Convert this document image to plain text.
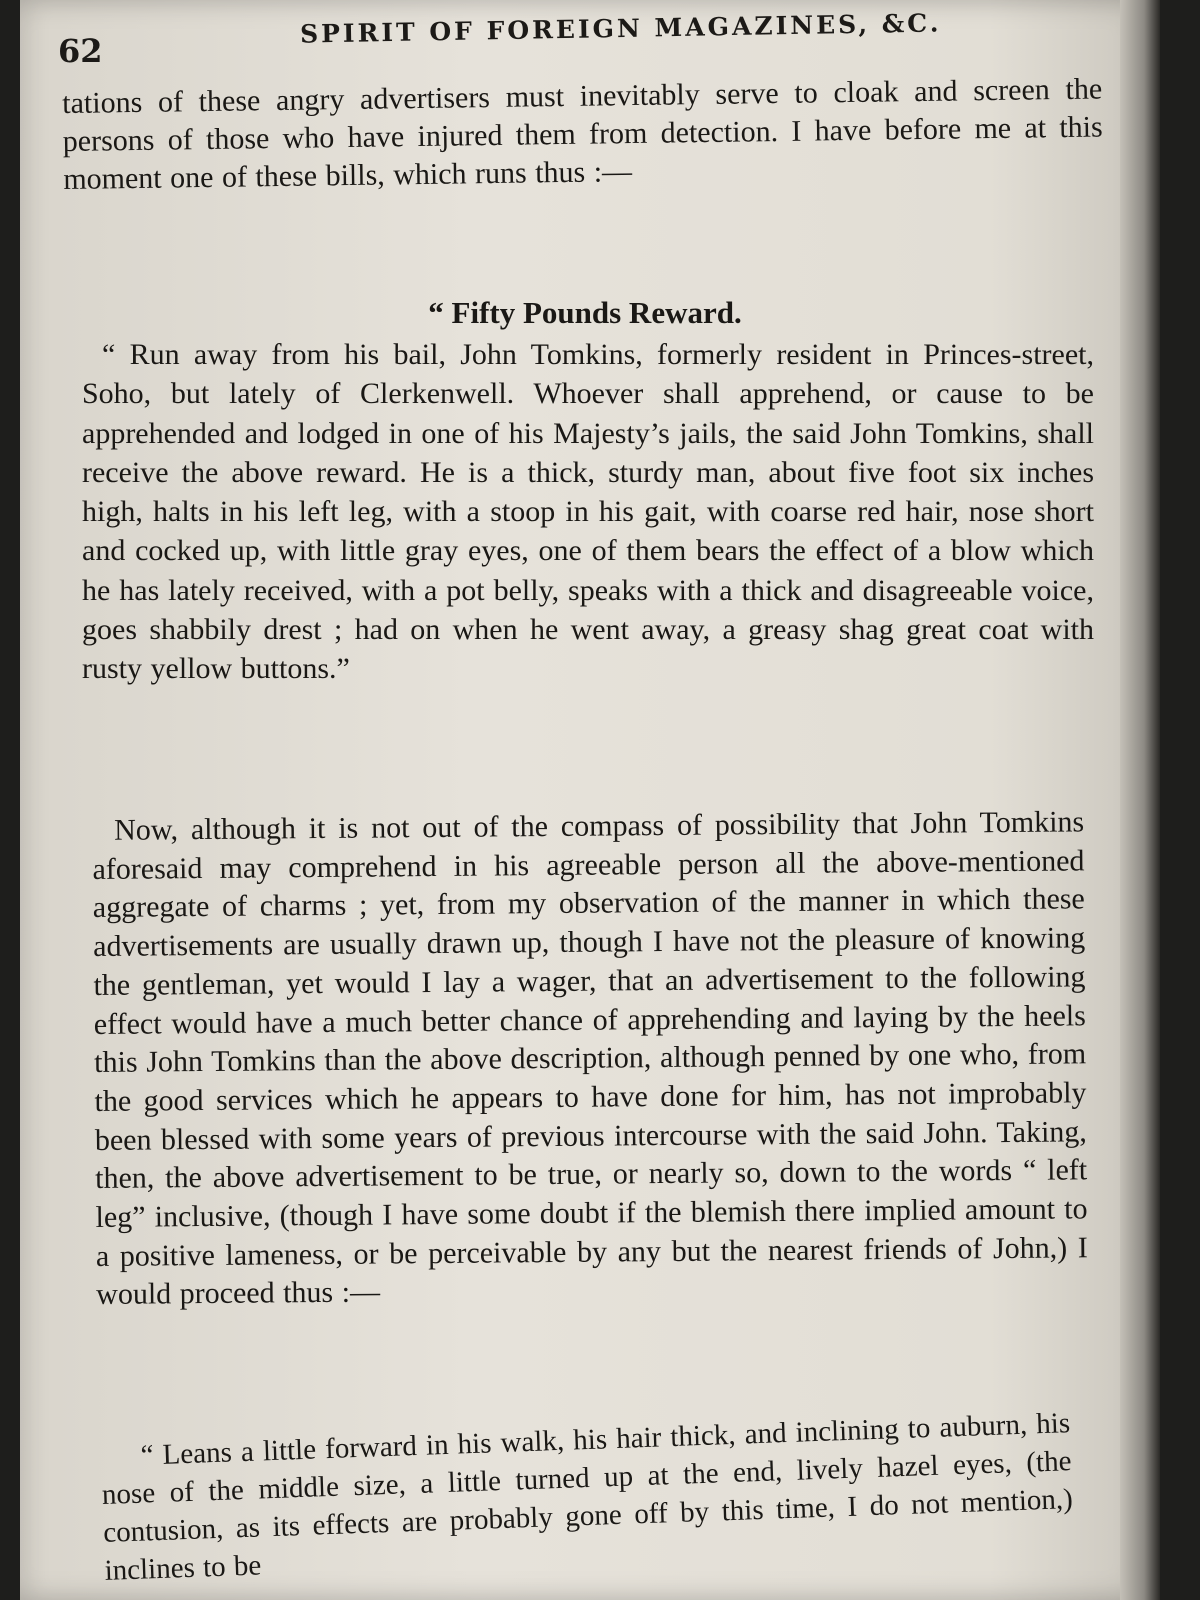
62
SPIRIT OF FOREIGN MAGAZINES, &C.
tations of these angry advertisers must inevitably serve to cloak and screen the persons of those who have injured them from detection. I have before me at this moment one of these bills, which runs thus :—
“ Fifty Pounds Reward.
“ Run away from his bail, John Tomkins, formerly resident in Princes-street, Soho, but lately of Clerkenwell. Whoever shall apprehend, or cause to be apprehended and lodged in one of his Majesty’s jails, the said John Tomkins, shall receive the above reward. He is a thick, sturdy man, about five foot six inches high, halts in his left leg, with a stoop in his gait, with coarse red hair, nose short and cocked up, with little gray eyes, one of them bears the effect of a blow which he has lately received, with a pot belly, speaks with a thick and disagreeable voice, goes shabbily drest ; had on when he went away, a greasy shag great coat with rusty yellow buttons.”
Now, although it is not out of the compass of possibility that John Tomkins aforesaid may comprehend in his agreeable person all the above-mentioned aggregate of charms ; yet, from my observation of the manner in which these advertisements are usually drawn up, though I have not the pleasure of knowing the gentleman, yet would I lay a wager, that an advertisement to the following effect would have a much better chance of apprehending and laying by the heels this John Tomkins than the above description, although penned by one who, from the good services which he appears to have done for him, has not improbably been blessed with some years of previous intercourse with the said John. Taking, then, the above advertisement to be true, or nearly so, down to the words “ left leg” inclusive, (though I have some doubt if the blemish there implied amount to a positive lameness, or be perceivable by any but the nearest friends of John,) I would proceed thus :—
“ Leans a little forward in his walk, his hair thick, and inclining to auburn, his nose of the middle size, a little turned up at the end, lively hazel eyes, (the contusion, as its effects are probably gone off by this time, I do not mention,) inclines to be
